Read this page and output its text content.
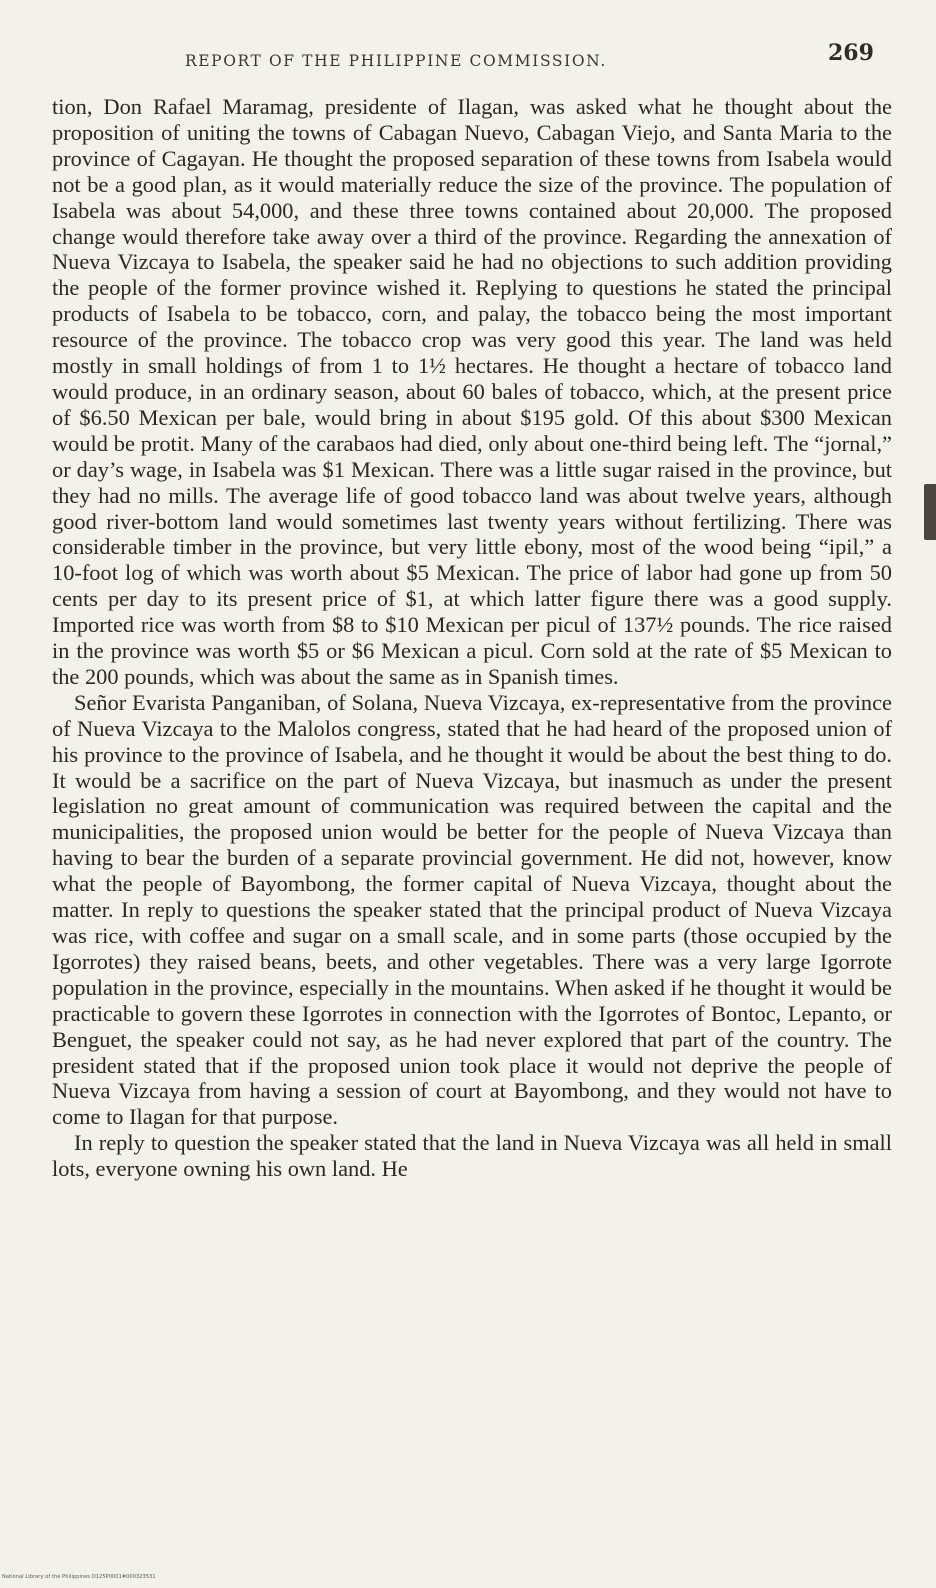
REPORT OF THE PHILIPPINE COMMISSION.	269

tion, Don Rafael Maramag, presidente of Ilagan, was asked what he thought about the proposition of uniting the towns of Cabagan Nuevo, Cabagan Viejo, and Santa Maria to the province of Cagayan. He thought the proposed separation of these towns from Isabela would not be a good plan, as it would materially reduce the size of the province. The population of Isabela was about 54,000, and these three towns contained about 20,000. The proposed change would therefore take away over a third of the province. Regarding the annexation of Nueva Vizcaya to Isabela, the speaker said he had no objections to such addition providing the people of the former province wished it. Replying to questions he stated the principal products of Isabela to be tobacco, corn, and palay, the tobacco being the most important resource of the province. The tobacco crop was very good this year. The land was held mostly in small holdings of from 1 to 1½ hectares. He thought a hectare of tobacco land would produce, in an ordinary season, about 60 bales of tobacco, which, at the present price of $6.50 Mexican per bale, would bring in about $195 gold. Of this about $300 Mexican would be protit. Many of the carabaos had died, only about one-third being left. The “jornal,” or day’s wage, in Isabela was $1 Mexican. There was a little sugar raised in the province, but they had no mills. The average life of good tobacco land was about twelve years, although good river-bottom land would sometimes last twenty years without fertilizing. There was considerable timber in the province, but very little ebony, most of the wood being “ipil,” a 10-foot log of which was worth about $5 Mexican. The price of labor had gone up from 50 cents per day to its present price of $1, at which latter figure there was a good supply. Imported rice was worth from $8 to $10 Mexican per picul of 137½ pounds. The rice raised in the province was worth $5 or $6 Mexican a picul. Corn sold at the rate of $5 Mexican to the 200 pounds, which was about the same as in Spanish times.

Señor Evarista Panganiban, of Solana, Nueva Vizcaya, ex-representative from the province of Nueva Vizcaya to the Malolos congress, stated that he had heard of the proposed union of his province to the province of Isabela, and he thought it would be about the best thing to do. It would be a sacrifice on the part of Nueva Vizcaya, but inasmuch as under the present legislation no great amount of communication was required between the capital and the municipalities, the proposed union would be better for the people of Nueva Vizcaya than having to bear the burden of a separate provincial government. He did not, however, know what the people of Bayombong, the former capital of Nueva Vizcaya, thought about the matter. In reply to questions the speaker stated that the principal product of Nueva Vizcaya was rice, with coffee and sugar on a small scale, and in some parts (those occupied by the Igorrotes) they raised beans, beets, and other vegetables. There was a very large Igorrote population in the province, especially in the mountains. When asked if he thought it would be practicable to govern these Igorrotes in connection with the Igorrotes of Bontoc, Lepanto, or Benguet, the speaker could not say, as he had never explored that part of the country. The president stated that if the proposed union took place it would not deprive the people of Nueva Vizcaya from having a session of court at Bayombong, and they would not have to come to Ilagan for that purpose.

In reply to question the speaker stated that the land in Nueva Vizcaya was all held in small lots, everyone owning his own land. He

National Library of the Philippines D125P0001#000323531
